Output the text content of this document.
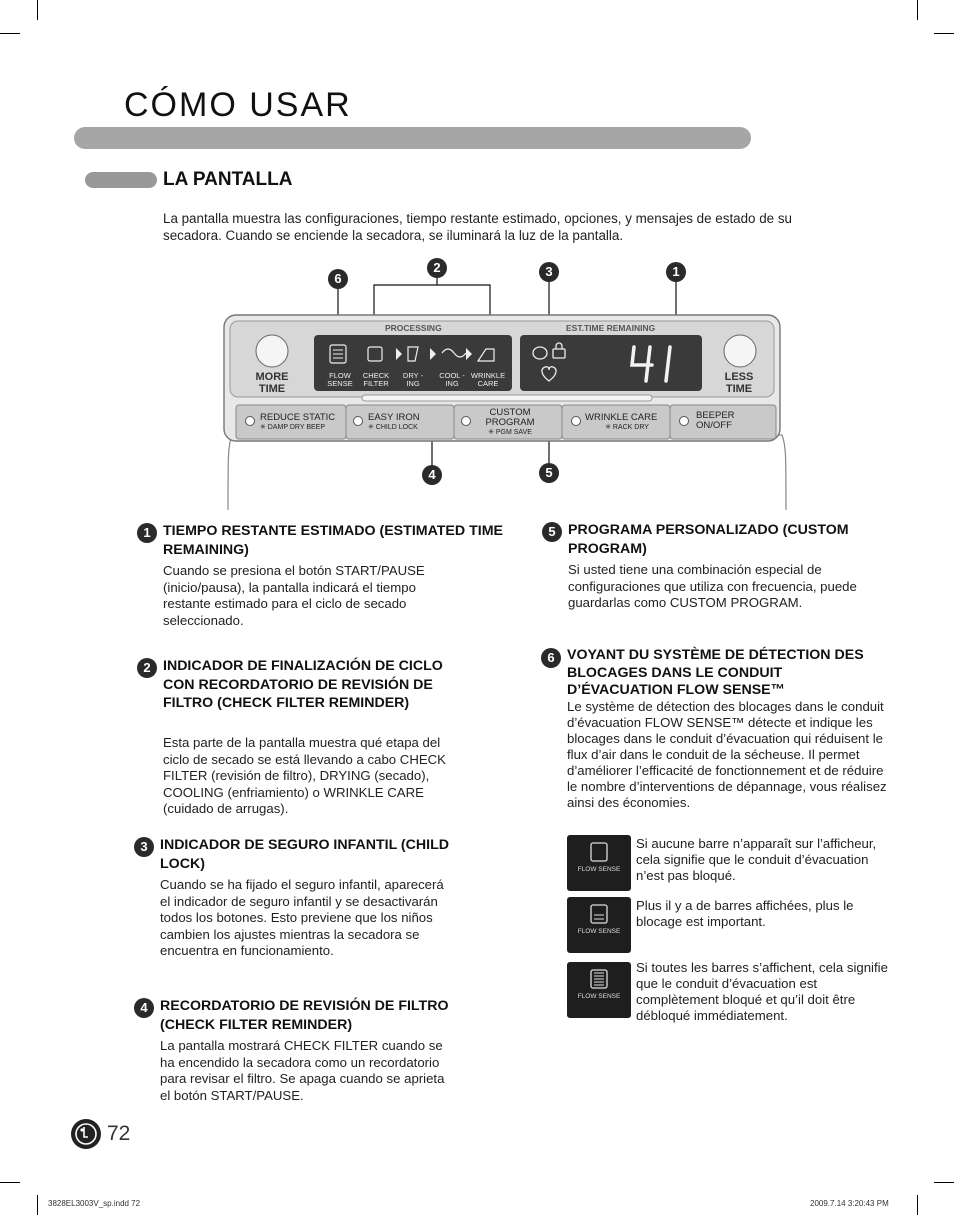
CÓMO USAR
LA PANTALLA
La pantalla muestra las configuraciones, tiempo restante estimado, opciones, y mensajes de estado de su secadora. Cuando se enciende la secadora, se iluminará la luz de la pantalla.
6
2	3	1
4	5
PROCESSING	EST.TIME REMAINING
MORE TIME
LESS TIME
FLOW SENSE
CHECK FILTER
DRY -ING
COOL -ING
WRINKLE CARE
REDUCE STATIC
✳ DAMP DRY BEEP
EASY IRON
✳ CHILD LOCK
CUSTOM PROGRAM
✳ PGM SAVE
WRINKLE CARE
✳ RACK DRY
BEEPER ON/OFF
1 TIEMPO RESTANTE ESTIMADO (ESTIMATED TIME REMAINING)
Cuando se presiona el botón START/PAUSE (inicio/pausa), la pantalla indicará el tiempo restante estimado para el ciclo de secado seleccionado.
2 INDICADOR DE FINALIZACIÓN DE CICLO CON RECORDATORIO DE REVISIÓN DE FILTRO (CHECK FILTER REMINDER)
Esta parte de la pantalla muestra qué etapa del ciclo de secado se está llevando a cabo CHECK FILTER (revisión de filtro), DRYING (secado), COOLING (enfriamiento) o WRINKLE CARE (cuidado de arrugas).
3 INDICADOR DE SEGURO INFANTIL (CHILD LOCK)
Cuando se ha fijado el seguro infantil, aparecerá el indicador de seguro infantil y se desactivarán todos los botones. Esto previene que los niños cambien los ajustes mientras la secadora se encuentra en funcionamiento.
4 RECORDATORIO DE REVISIÓN DE FILTRO (CHECK FILTER REMINDER)
La pantalla mostrará CHECK FILTER cuando se ha encendido la secadora como un recordatorio para revisar el filtro. Se apaga cuando se aprieta el botón START/PAUSE.
5 PROGRAMA PERSONALIZADO (CUSTOM PROGRAM)
Si usted tiene una combinación especial de configuraciones que utiliza con frecuencia, puede guardarlas como CUSTOM PROGRAM.
6 VOYANT DU SYSTÈME DE DÉTECTION DES BLOCAGES DANS LE CONDUIT D’ÉVACUATION FLOW SENSE™
Le système de détection des blocages dans le conduit d’évacuation FLOW SENSE™ détecte et indique les blocages dans le conduit d’évacuation qui réduisent le flux d’air dans le conduit de la sécheuse. Il permet d’améliorer l’efficacité de fonctionnement et de réduire le nombre d’interventions de dépannage, vous réalisez ainsi des économies.
FLOW SENSE
Si aucune barre n’apparaît sur l’afficheur, cela signifie que le conduit d’évacuation n’est pas bloqué.
FLOW SENSE
Plus il y a de barres affichées, plus le blocage est important.
FLOW SENSE
Si toutes les barres s’affichent, cela signifie que le conduit d’évacuation est complètement bloqué et qu’il doit être débloqué immédiatement.
72
3828EL3003V_sp.indd 72	2009.7.14 3:20:43 PM
